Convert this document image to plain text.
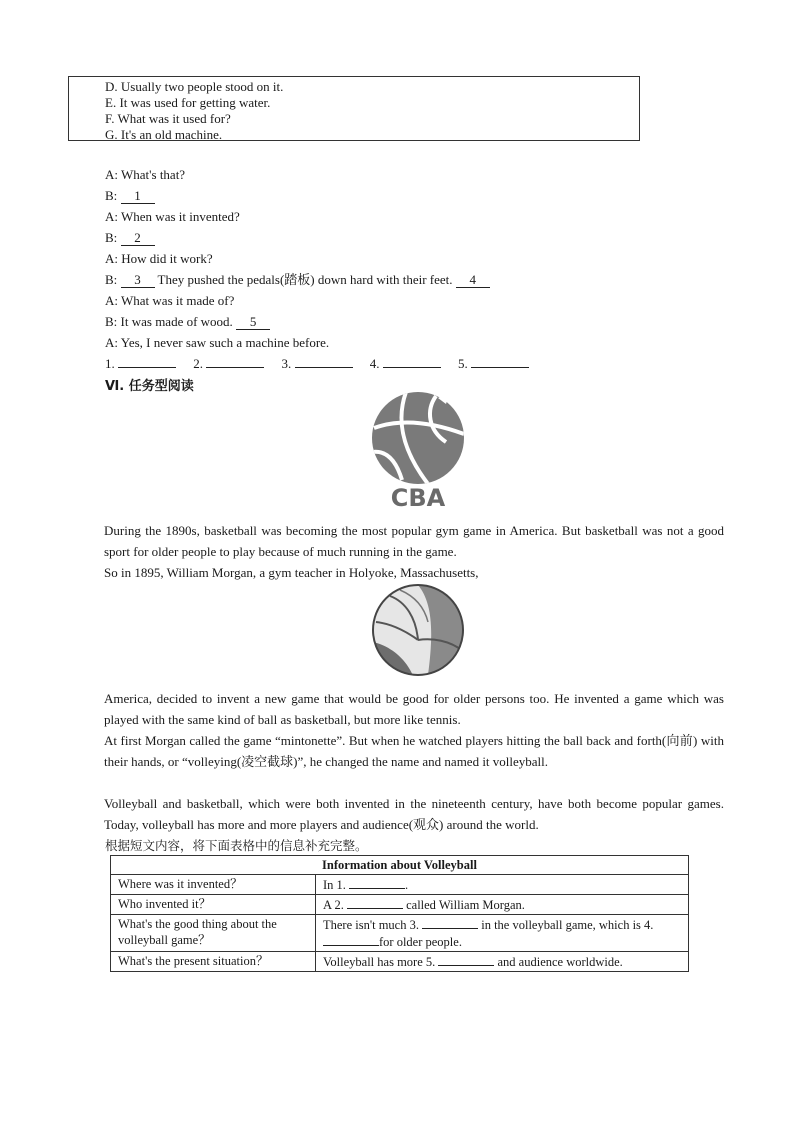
D. Usually two people stood on it.
E. It was used for getting water.
F. What was it used for?
G. It's an old machine.
A: What's that?
B: 1
A: When was it invented?
B: 2
A: How did it work?
B: 3 They pushed the pedals(踏板) down hard with their feet. 4
A: What was it made of?
B: It was made of wood. 5
A: Yes, I never saw such a machine before.
1.	2.	3.	4.	5.
Ⅵ. 任务型阅读
CBA
During the 1890s, basketball was becoming the most popular gym game in America. But basketball was not a good sport for older people to play because of much running in the game.
So in 1895, William Morgan, a gym teacher in Holyoke, Massachusetts,
America, decided to invent a new game that would be good for older persons too. He invented a game which was played with the same kind of ball as basketball, but more like tennis.
At first Morgan called the game “mintonette”. But when he watched players hitting the ball back and forth(向前) with their hands, or “volleying(凌空截球)”, he changed the name and named it volleyball.
Volleyball and basketball, which were both invented in the nineteenth century, have both become popular games. Today, volleyball has more and more players and audience(观众) around the world.
根据短文内容，将下面表格中的信息补充完整。
Information about Volleyball	
Where was it invented？	In 1. .
Who invented it？	A 2. called William Morgan.
What's the good thing about the volleyball game？	There isn't much 3. in the volleyball game, which is 4. for older people.
What's the present situation？	Volleyball has more 5. and audience worldwide.
